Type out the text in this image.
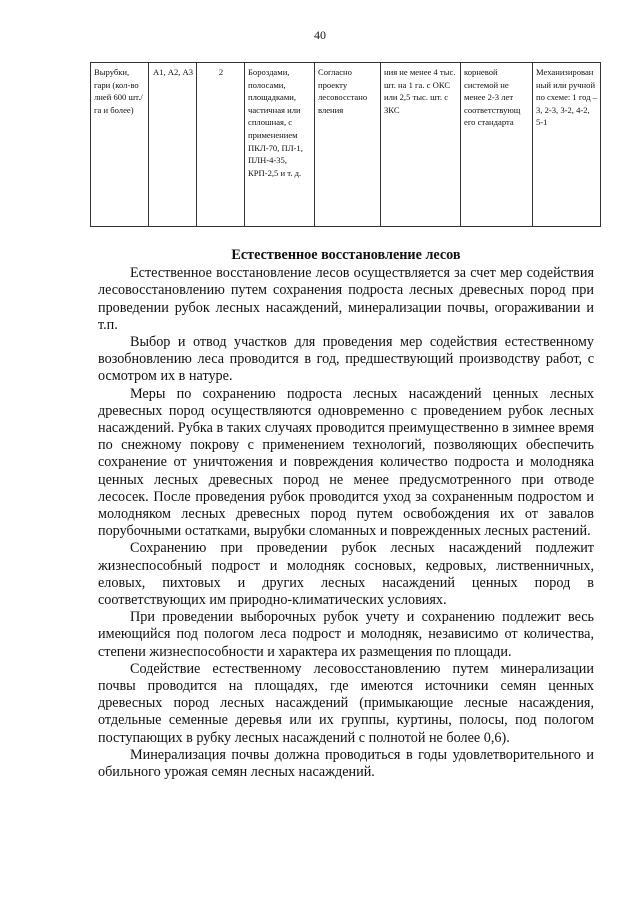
40
Вырубки, гари (кол-во лней 600 шт./га и более)	А1, А2, А3	2	Бороздами, полосами, площадками, частичная или сплошная, с применением ПКЛ-70, ПЛ-1, ПЛН-4-35, КРП-2,5 и т. д.	Согласно проекту лесовосстано вления	ния не менее 4 тыс. шт. на 1 га. с ОКС или 2,5 тыс. шт. с ЗКС	корневой системой не менее 2-3 лет соответствующ его стандарта	Механизирован ный или ручной по схеме: 1 год – 3, 2-3, 3-2, 4-2, 5-1
Естественное восстановление лесов

Естественное восстановление лесов осуществляется за счет мер содействия лесовосстановлению путем сохранения подроста лесных древесных пород при проведении рубок лесных насаждений, минерализации почвы, огораживании и т.п.

Выбор и отвод участков для проведения мер содействия естественному возобновлению леса проводится в год, предшествующий производству работ, с осмотром их в натуре.

Меры по сохранению подроста лесных насаждений ценных лесных древесных пород осуществляются одновременно с проведением рубок лесных насаждений. Рубка в таких случаях проводится преимущественно в зимнее время по снежному покрову с применением технологий, позволяющих обеспечить сохранение от уничтожения и повреждения количество подроста и молодняка ценных лесных древесных пород не менее предусмотренного при отводе лесосек. После проведения рубок проводится уход за сохраненным подростом и молодняком лесных древесных пород путем освобождения их от завалов порубочными остатками, вырубки сломанных и поврежденных лесных растений.

Сохранению при проведении рубок лесных насаждений подлежит жизнеспособный подрост и молодняк сосновых, кедровых, лиственничных, еловых, пихтовых и других лесных насаждений ценных пород в соответствующих им природно-климатических условиях.

При проведении выборочных рубок учету и сохранению подлежит весь имеющийся под пологом леса подрост и молодняк, независимо от количества, степени жизнеспособности и характера их размещения по площади.

Содействие естественному лесовосстановлению путем минерализации почвы проводится на площадях, где имеются источники семян ценных древесных пород лесных насаждений (примыкающие лесные насаждения, отдельные семенные деревья или их группы, куртины, полосы, под пологом поступающих в рубку лесных насаждений с полнотой не более 0,6).

Минерализация почвы должна проводиться в годы удовлетворительного и обильного урожая семян лесных насаждений.
